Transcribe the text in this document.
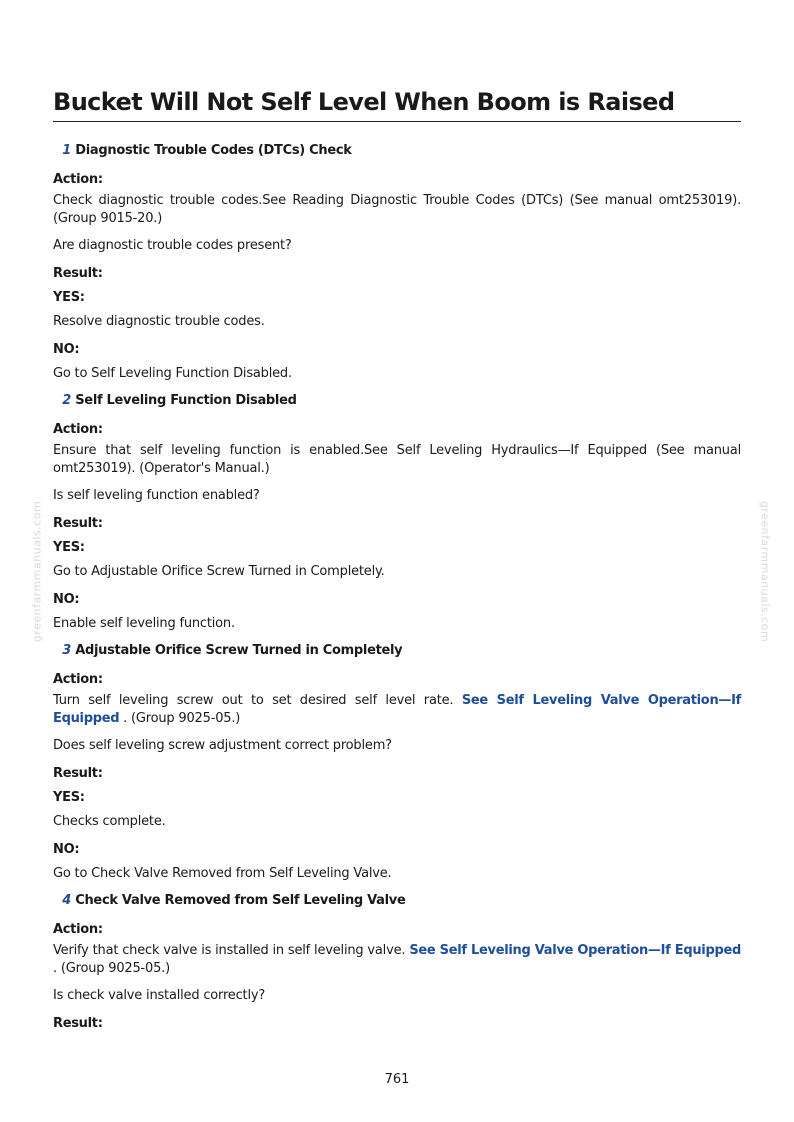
Bucket Will Not Self Level When Boom is Raised
greenfarmmanuals.com	greenfarmmanuals.com
1 Diagnostic Trouble Codes (DTCs) Check
Action:
Check diagnostic trouble codes.See Reading Diagnostic Trouble Codes (DTCs) (See manual omt253019). (Group 9015-20.)
Are diagnostic trouble codes present?
Result:
YES:
Resolve diagnostic trouble codes.
NO:
Go to Self Leveling Function Disabled.
2 Self Leveling Function Disabled
Action:
Ensure that self leveling function is enabled.See Self Leveling Hydraulics—If Equipped (See manual omt253019). (Operator's Manual.)
Is self leveling function enabled?
Result:
YES:
Go to Adjustable Orifice Screw Turned in Completely.
NO:
Enable self leveling function.
3 Adjustable Orifice Screw Turned in Completely
Action:
Turn self leveling screw out to set desired self level rate. See Self Leveling Valve Operation—If Equipped . (Group 9025-05.)
Does self leveling screw adjustment correct problem?
Result:
YES:
Checks complete.
NO:
Go to Check Valve Removed from Self Leveling Valve.
4 Check Valve Removed from Self Leveling Valve
Action:
Verify that check valve is installed in self leveling valve. See Self Leveling Valve Operation—If Equipped . (Group 9025-05.)
Is check valve installed correctly?
Result:
761
